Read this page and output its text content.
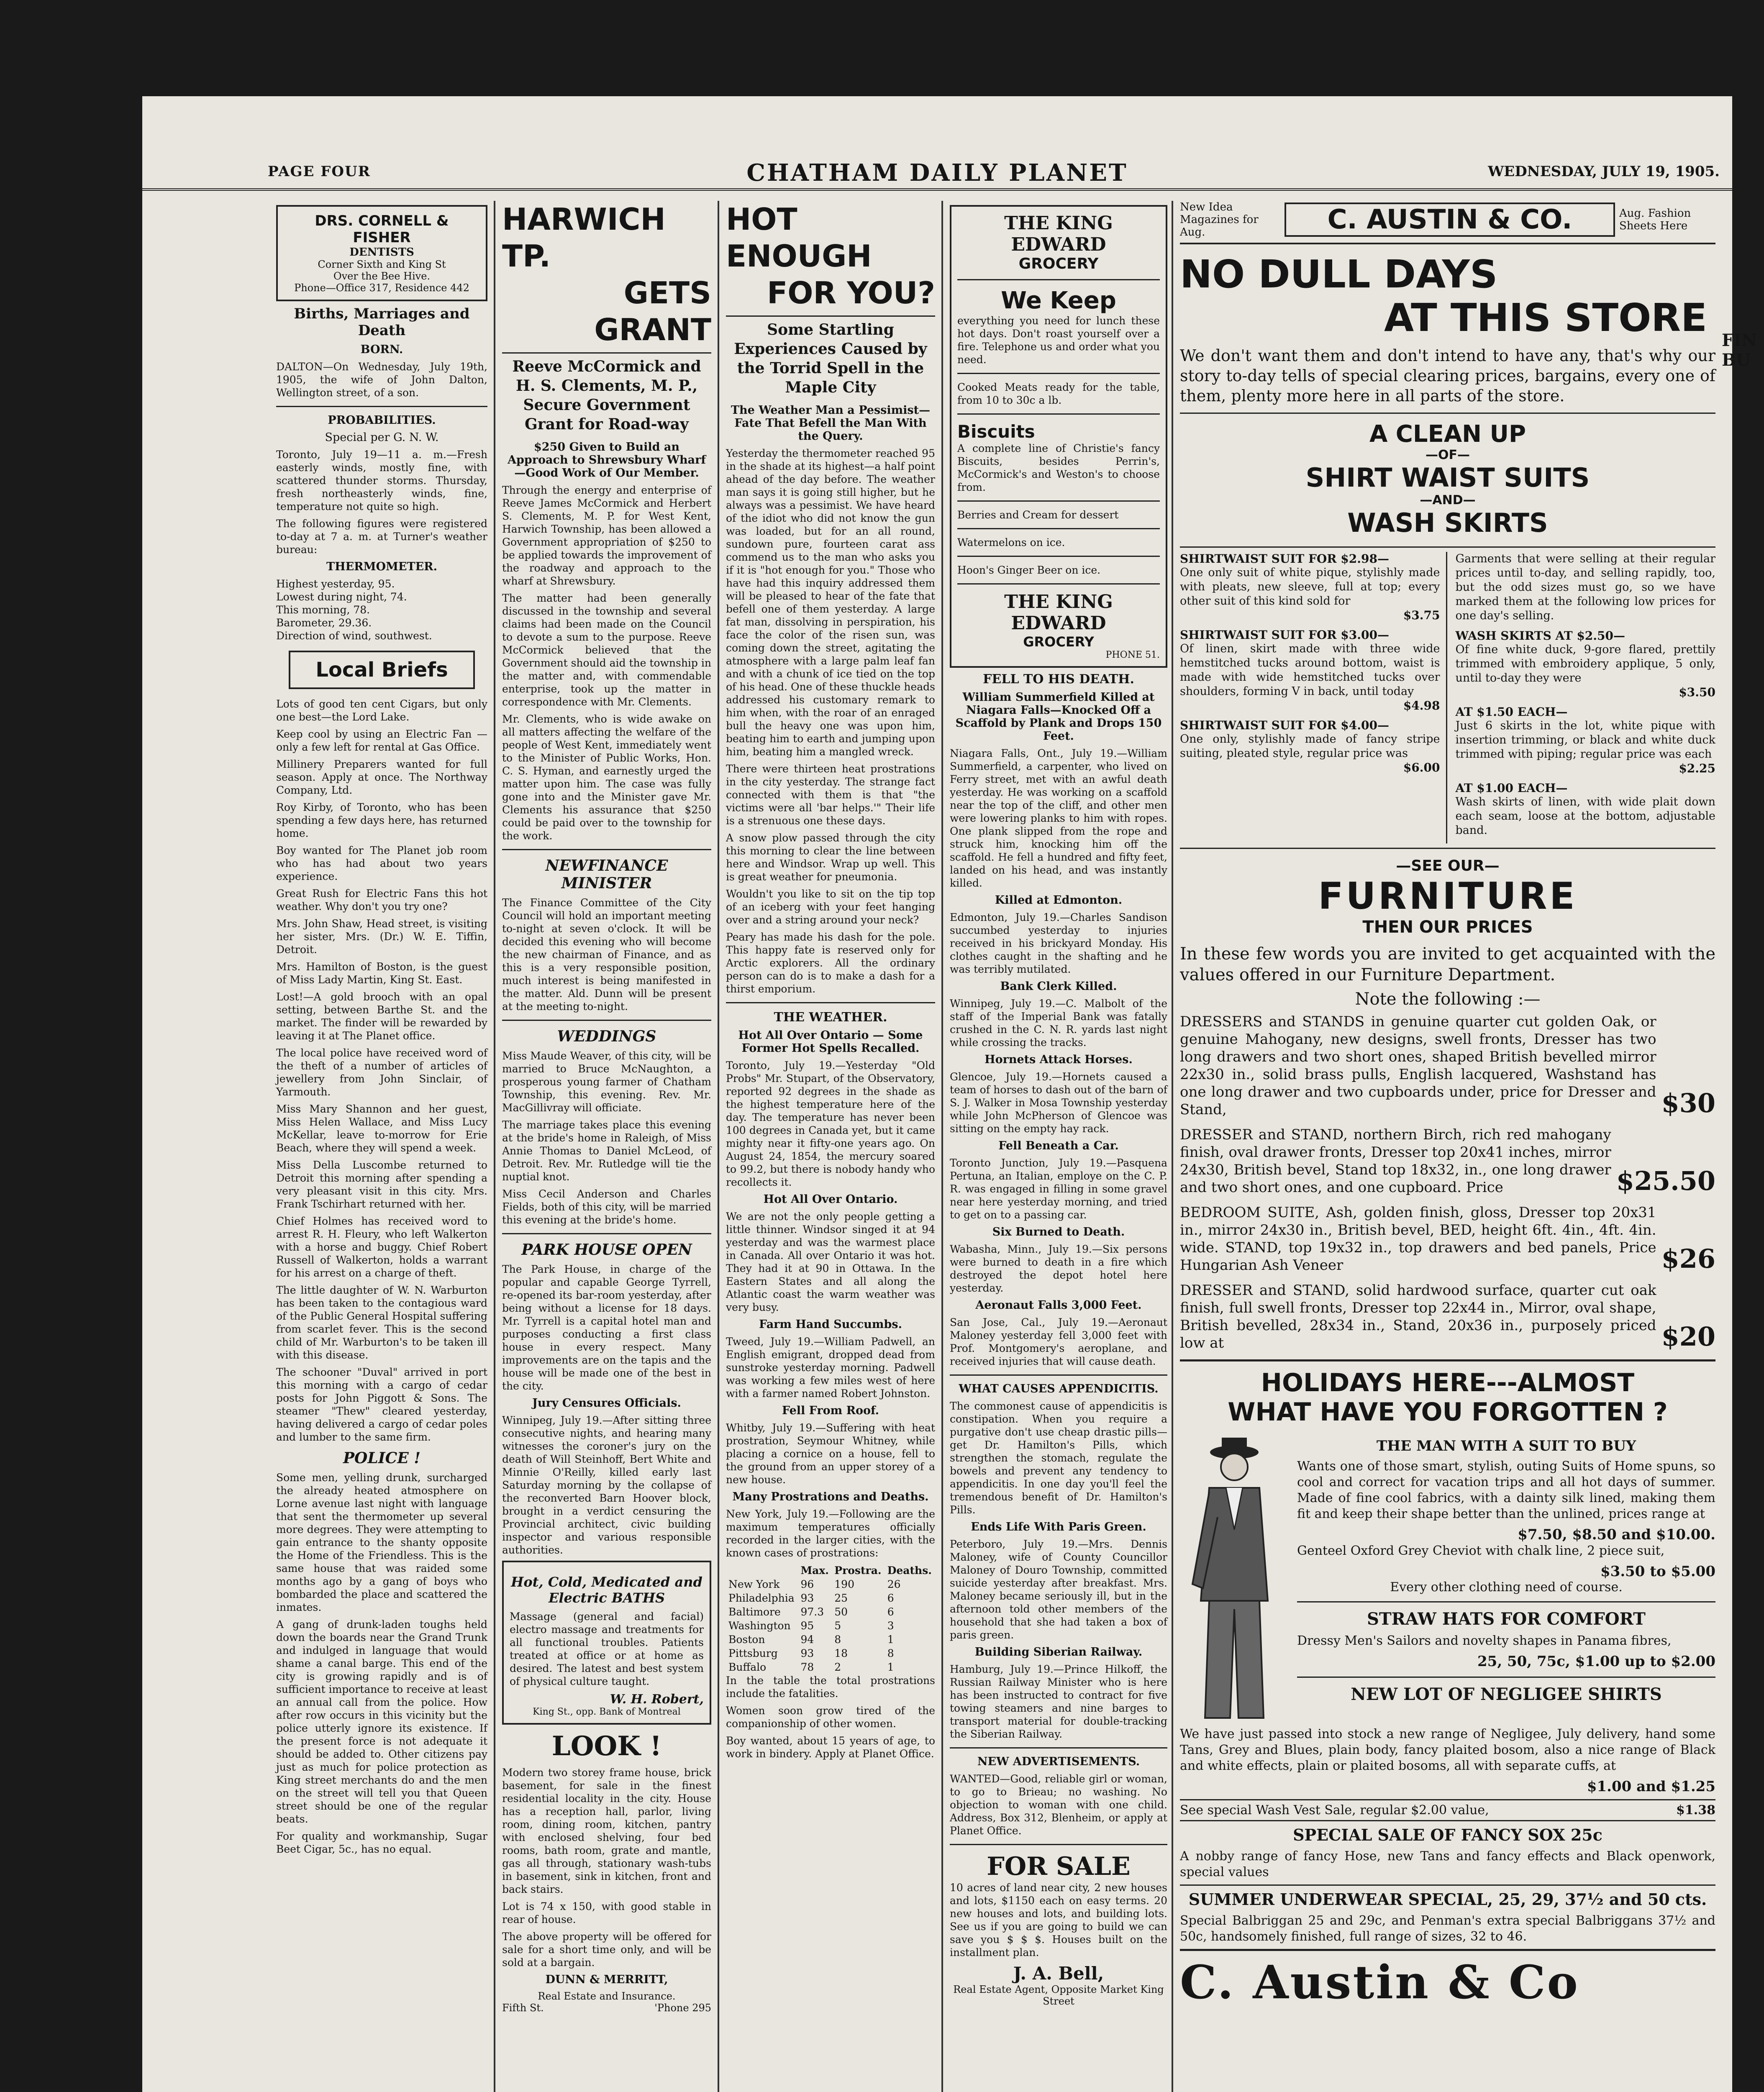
PAGE FOUR	CHATHAM DAILY PLANET	WEDNESDAY, JULY 19, 1905.
DRS. CORNELL & FISHER
DENTISTS
Corner Sixth and King St
Over the Bee Hive.
Phone—Office 317, Residence 442
Births, Marriages and Death
BORN.

DALTON—On Wednesday, July 19th, 1905, the wife of John Dalton, Wellington street, of a son.

PROBABILITIES.
Special per G. N. W.

Toronto, July 19—11 a. m.—Fresh easterly winds, mostly fine, with scattered thunder storms. Thursday, fresh northeasterly winds, fine, temperature not quite so high.

The following figures were registered to-day at 7 a. m. at Turner's weather bureau:

THERMOMETER.
Highest yesterday, 95.
Lowest during night, 74.
This morning, 78.
Barometer, 29.36.
Direction of wind, southwest.
Local Briefs

Lots of good ten cent Cigars, but only one best—the Lord Lake.

Keep cool by using an Electric Fan —only a few left for rental at Gas Office.

Millinery Preparers wanted for full season. Apply at once. The Northway Company, Ltd.

Roy Kirby, of Toronto, who has been spending a few days here, has returned home.

Boy wanted for The Planet job room who has had about two years experience.

Great Rush for Electric Fans this hot weather. Why don't you try one?

Mrs. John Shaw, Head street, is visiting her sister, Mrs. (Dr.) W. E. Tiffin, Detroit.

Mrs. Hamilton of Boston, is the guest of Miss Lady Martin, King St. East.

Lost!—A gold brooch with an opal setting, between Barthe St. and the market. The finder will be rewarded by leaving it at The Planet office.

The local police have received word of the theft of a number of articles of jewellery from John Sinclair, of Yarmouth.

Miss Mary Shannon and her guest, Miss Helen Wallace, and Miss Lucy McKellar, leave to-morrow for Erie Beach, where they will spend a week.

Miss Della Luscombe returned to Detroit this morning after spending a very pleasant visit in this city. Mrs. Frank Tschirhart returned with her.

Chief Holmes has received word to arrest R. H. Fleury, who left Walkerton with a horse and buggy. Chief Robert Russell of Walkerton, holds a warrant for his arrest on a charge of theft.

The little daughter of W. N. Warburton has been taken to the contagious ward of the Public General Hospital suffering from scarlet fever. This is the second child of Mr. Warburton's to be taken ill with this disease.

The schooner "Duval" arrived in port this morning with a cargo of cedar posts for John Piggott & Sons. The steamer "Thew" cleared yesterday, having delivered a cargo of cedar poles and lumber to the same firm.

POLICE !

Some men, yelling drunk, surcharged the already heated atmosphere on Lorne avenue last night with language that sent the thermometer up several more degrees. They were attempting to gain entrance to the shanty opposite the Home of the Friendless. This is the same house that was raided some months ago by a gang of boys who bombarded the place and scattered the inmates.

A gang of drunk-laden toughs held down the boards near the Grand Trunk and indulged in language that would shame a canal barge. This end of the city is growing rapidly and is of sufficient importance to receive at least an annual call from the police. How after row occurs in this vicinity but the police utterly ignore its existence. If the present force is not adequate it should be added to. Other citizens pay just as much for police protection as King street merchants do and the men on the street will tell you that Queen street should be one of the regular beats.

For quality and workmanship, Sugar Beet Cigar, 5c., has no equal.

HARWICH TP.
GETS GRANT
Reeve McCormick and H. S. Clements, M. P., Secure Government Grant for Road-way
$250 Given to Build an Approach to Shrewsbury Wharf—Good Work of Our Member.

Through the energy and enterprise of Reeve James McCormick and Herbert S. Clements, M. P. for West Kent, Harwich Township, has been allowed a Government appropriation of $250 to be applied towards the improvement of the roadway and approach to the wharf at Shrewsbury.

The matter had been generally discussed in the township and several claims had been made on the Council to devote a sum to the purpose. Reeve McCormick believed that the Government should aid the township in the matter and, with commendable enterprise, took up the matter in correspondence with Mr. Clements.

Mr. Clements, who is wide awake on all matters affecting the welfare of the people of West Kent, immediately went to the Minister of Public Works, Hon. C. S. Hyman, and earnestly urged the matter upon him. The case was fully gone into and the Minister gave Mr. Clements his assurance that $250 could be paid over to the township for the work.

NEWFINANCE MINISTER

The Finance Committee of the City Council will hold an important meeting to-night at seven o'clock. It will be decided this evening who will become the new chairman of Finance, and as this is a very responsible position, much interest is being manifested in the matter. Ald. Dunn will be present at the meeting to-night.

WEDDINGS

Miss Maude Weaver, of this city, will be married to Bruce McNaughton, a prosperous young farmer of Chatham Township, this evening. Rev. Mr. MacGillivray will officiate.

The marriage takes place this evening at the bride's home in Raleigh, of Miss Annie Thomas to Daniel McLeod, of Detroit. Rev. Mr. Rutledge will tie the nuptial knot.

Miss Cecil Anderson and Charles Fields, both of this city, will be married this evening at the bride's home.

PARK HOUSE OPEN

The Park House, in charge of the popular and capable George Tyrrell, re-opened its bar-room yesterday, after being without a license for 18 days. Mr. Tyrrell is a capital hotel man and purposes conducting a first class house in every respect. Many improvements are on the tapis and the house will be made one of the best in the city.

Jury Censures Officials.

Winnipeg, July 19.—After sitting three consecutive nights, and hearing many witnesses the coroner's jury on the death of Will Steinhoff, Bert White and Minnie O'Reilly, killed early last Saturday morning by the collapse of the reconverted Barn Hoover block, brought in a verdict censuring the Provincial architect, civic building inspector and various responsible authorities.

Hot, Cold, Medicated and Electric BATHS

Massage (general and facial) electro massage and treatments for all functional troubles. Patients treated at office or at home as desired. The latest and best system of physical culture taught.

W. H. Robert,
King St., opp. Bank of Montreal
LOOK !

Modern two storey frame house, brick basement, for sale in the finest residential locality in the city. House has a reception hall, parlor, living room, dining room, kitchen, pantry with enclosed shelving, four bed rooms, bath room, grate and mantle, gas all through, stationary wash-tubs in basement, sink in kitchen, front and back stairs.

Lot is 74 x 150, with good stable in rear of house.

The above property will be offered for sale for a short time only, and will be sold at a bargain.

DUNN & MERRITT,
Real Estate and Insurance.
Fifth St.	'Phone 295
HOT ENOUGH
FOR YOU?
Some Startling Experiences Caused by the Torrid Spell in the Maple City
The Weather Man a Pessimist—Fate That Befell the Man With the Query.

Yesterday the thermometer reached 95 in the shade at its highest—a half point ahead of the day before. The weather man says it is going still higher, but he always was a pessimist. We have heard of the idiot who did not know the gun was loaded, but for an all round, sundown pure, fourteen carat ass commend us to the man who asks you if it is "hot enough for you." Those who have had this inquiry addressed them will be pleased to hear of the fate that befell one of them yesterday. A large fat man, dissolving in perspiration, his face the color of the risen sun, was coming down the street, agitating the atmosphere with a large palm leaf fan and with a chunk of ice tied on the top of his head. One of these thuckle heads addressed his customary remark to him when, with the roar of an enraged bull the heavy one was upon him, beating him to earth and jumping upon him, beating him a mangled wreck.

There were thirteen heat prostrations in the city yesterday. The strange fact connected with them is that "the victims were all 'bar helps.'" Their life is a strenuous one these days.

A snow plow passed through the city this morning to clear the line between here and Windsor. Wrap up well. This is great weather for pneumonia.

Wouldn't you like to sit on the tip top of an iceberg with your feet hanging over and a string around your neck?

Peary has made his dash for the pole. This happy fate is reserved only for Arctic explorers. All the ordinary person can do is to make a dash for a thirst emporium.

THE WEATHER.
Hot All Over Ontario — Some Former Hot Spells Recalled.

Toronto, July 19.—Yesterday "Old Probs" Mr. Stupart, of the Observatory, reported 92 degrees in the shade as the highest temperature here of the day. The temperature has never been 100 degrees in Canada yet, but it came mighty near it fifty-one years ago. On August 24, 1854, the mercury soared to 99.2, but there is nobody handy who recollects it.

Hot All Over Ontario.

We are not the only people getting a little thinner. Windsor singed it at 94 yesterday and was the warmest place in Canada. All over Ontario it was hot. They had it at 90 in Ottawa. In the Eastern States and all along the Atlantic coast the warm weather was very busy.

Farm Hand Succumbs.

Tweed, July 19.—William Padwell, an English emigrant, dropped dead from sunstroke yesterday morning. Padwell was working a few miles west of here with a farmer named Robert Johnston.

Fell From Roof.

Whitby, July 19.—Suffering with heat prostration, Seymour Whitney, while placing a cornice on a house, fell to the ground from an upper storey of a new house.

Many Prostrations and Deaths.

New York, July 19.—Following are the maximum temperatures officially recorded in the larger cities, with the known cases of prostrations:

	Max.	Prostra.	Deaths.
New York	96	190	26
Philadelphia	93	25	6
Baltimore	97.3	50	6
Washington	95	5	3
Boston	94	8	1
Pittsburg	93	18	8
Buffalo	78	2	1

In the table the total prostrations include the fatalities.

Women soon grow tired of the companionship of other women.

Boy wanted, about 15 years of age, to work in bindery. Apply at Planet Office.

THE KING EDWARD
GROCERY
We Keep

everything you need for lunch these hot days. Don't roast yourself over a fire. Telephone us and order what you need.

Cooked Meats ready for the table, from 10 to 30c a lb.

Biscuits

A complete line of Christie's fancy Biscuits, besides Perrin's, McCormick's and Weston's to choose from.

Berries and Cream for dessert

Watermelons on ice.

Hoon's Ginger Beer on ice.

THE KING EDWARD
GROCERY
PHONE 51.
FELL TO HIS DEATH.
William Summerfield Killed at Niagara Falls—Knocked Off a Scaffold by Plank and Drops 150 Feet.

Niagara Falls, Ont., July 19.—William Summerfield, a carpenter, who lived on Ferry street, met with an awful death yesterday. He was working on a scaffold near the top of the cliff, and other men were lowering planks to him with ropes. One plank slipped from the rope and struck him, knocking him off the scaffold. He fell a hundred and fifty feet, landed on his head, and was instantly killed.

Killed at Edmonton.

Edmonton, July 19.—Charles Sandison succumbed yesterday to injuries received in his brickyard Monday. His clothes caught in the shafting and he was terribly mutilated.

Bank Clerk Killed.

Winnipeg, July 19.—C. Malbolt of the staff of the Imperial Bank was fatally crushed in the C. N. R. yards last night while crossing the tracks.

Hornets Attack Horses.

Glencoe, July 19.—Hornets caused a team of horses to dash out of the barn of S. J. Walker in Mosa Township yesterday while John McPherson of Glencoe was sitting on the empty hay rack.

Fell Beneath a Car.

Toronto Junction, July 19.—Pasquena Pertuna, an Italian, employe on the C. P. R. was engaged in filling in some gravel near here yesterday morning, and tried to get on to a passing car.

Six Burned to Death.

Wabasha, Minn., July 19.—Six persons were burned to death in a fire which destroyed the depot hotel here yesterday.

Aeronaut Falls 3,000 Feet.

San Jose, Cal., July 19.—Aeronaut Maloney yesterday fell 3,000 feet with Prof. Montgomery's aeroplane, and received injuries that will cause death.

WHAT CAUSES APPENDICITIS.

The commonest cause of appendicitis is constipation. When you require a purgative don't use cheap drastic pills—get Dr. Hamilton's Pills, which strengthen the stomach, regulate the bowels and prevent any tendency to appendicitis. In one day you'll feel the tremendous benefit of Dr. Hamilton's Pills.

Ends Life With Paris Green.

Peterboro, July 19.—Mrs. Dennis Maloney, wife of County Councillor Maloney of Douro Township, committed suicide yesterday after breakfast. Mrs. Maloney became seriously ill, but in the afternoon told other members of the household that she had taken a box of paris green.

Building Siberian Railway.

Hamburg, July 19.—Prince Hilkoff, the Russian Railway Minister who is here has been instructed to contract for five towing steamers and nine barges to transport material for double-tracking the Siberian Railway.

NEW ADVERTISEMENTS.

WANTED—Good, reliable girl or woman, to go to Brieau; no washing. No objection to woman with one child. Address, Box 312, Blenheim, or apply at Planet Office.

FOR SALE

10 acres of land near city, 2 new houses and lots, $1150 each on easy terms. 20 new houses and lots, and building lots. See us if you are going to build we can save you $ $ $. Houses built on the installment plan.

J. A. Bell,
Real Estate Agent, Opposite Market King Street
New Idea Magazines for Aug.	C. AUSTIN & CO.	Aug. Fashion Sheets Here
NO DULL DAYS
AT THIS STORE

We don't want them and don't intend to have any, that's why our story to-day tells of special clearing prices, bargains, every one of them, plenty more here in all parts of the store.

A CLEAN UP
—OF—
SHIRT WAIST SUITS
—AND—
WASH SKIRTS
SHIRTWAIST SUIT FOR $2.98—

One only suit of white pique, stylishly made with pleats, new sleeve, full at top; every other suit of this kind sold for

$3.75
SHIRTWAIST SUIT FOR $3.00—

Of linen, skirt made with three wide hemstitched tucks around bottom, waist is made with wide hemstitched tucks over shoulders, forming V in back, until today

$4.98
SHIRTWAIST SUIT FOR $4.00—

One only, stylishly made of fancy stripe suiting, pleated style, regular price was

$6.00

Garments that were selling at their regular prices until to-day, and selling rapidly, too, but the odd sizes must go, so we have marked them at the following low prices for one day's selling.

WASH SKIRTS AT $2.50—

Of fine white duck, 9-gore flared, prettily trimmed with embroidery applique, 5 only, until to-day they were

$3.50
AT $1.50 EACH—

Just 6 skirts in the lot, white pique with insertion trimming, or black and white duck trimmed with piping; regular price was each

$2.25
AT $1.00 EACH—

Wash skirts of linen, with wide plait down each seam, loose at the bottom, adjustable band.

—SEE OUR—
FURNITURE
THEN OUR PRICES

In these few words you are invited to get acquainted with the values offered in our Furniture Department.

Note the following :—

DRESSERS and STANDS in genuine quarter cut golden Oak, or genuine Mahogany, new designs, swell fronts, Dresser has two long drawers and two short ones, shaped British bevelled mirror 22x30 in., solid brass pulls, English lacquered, Washstand has one long drawer and two cupboards under, price for Dresser and Stand,	$30

DRESSER and STAND, northern Birch, rich red mahogany finish, oval drawer fronts, Dresser top 20x41 inches, mirror 24x30, British bevel, Stand top 18x32, in., one long drawer and two short ones, and one cupboard. Price	$25.50

BEDROOM SUITE, Ash, golden finish, gloss, Dresser top 20x31 in., mirror 24x30 in., British bevel, BED, height 6ft. 4in., 4ft. 4in. wide. STAND, top 19x32 in., top drawers and bed panels, Price Hungarian Ash Veneer	$26

DRESSER and STAND, solid hardwood surface, quarter cut oak finish, full swell fronts, Dresser top 22x44 in., Mirror, oval shape, British bevelled, 28x34 in., Stand, 20x36 in., purposely priced low at	$20
HOLIDAYS HERE---ALMOST
WHAT HAVE YOU FORGOTTEN ?
THE MAN WITH A SUIT TO BUY

Wants one of those smart, stylish, outing Suits of Home spuns, so cool and correct for vacation trips and all hot days of summer. Made of fine cool fabrics, with a dainty silk lined, making them fit and keep their shape better than the unlined, prices range at

$7.50, $8.50 and $10.00.

Genteel Oxford Grey Cheviot with chalk line, 2 piece suit,

$3.50 to $5.00
Every other clothing need of course.
STRAW HATS FOR COMFORT

Dressy Men's Sailors and novelty shapes in Panama fibres,

25, 50, 75c, $1.00 up to $2.00
NEW LOT OF NEGLIGEE SHIRTS

We have just passed into stock a new range of Negligee, July delivery, hand some Tans, Grey and Blues, plain body, fancy plaited bosom, also a nice range of Black and white effects, plain or plaited bosoms, all with separate cuffs, at

$1.00 and $1.25
See special Wash Vest Sale, regular $2.00 value,	$1.38
SPECIAL SALE OF FANCY SOX 25c

A nobby range of fancy Hose, new Tans and fancy effects and Black openwork, special values

SUMMER UNDERWEAR SPECIAL, 25, 29, 37½ and 50 cts.

Special Balbriggan 25 and 29c, and Penman's extra special Balbriggans 37½ and 50c, handsomely finished, full range of sizes, 32 to 46.

C. Austin & Co

FIN
BU
